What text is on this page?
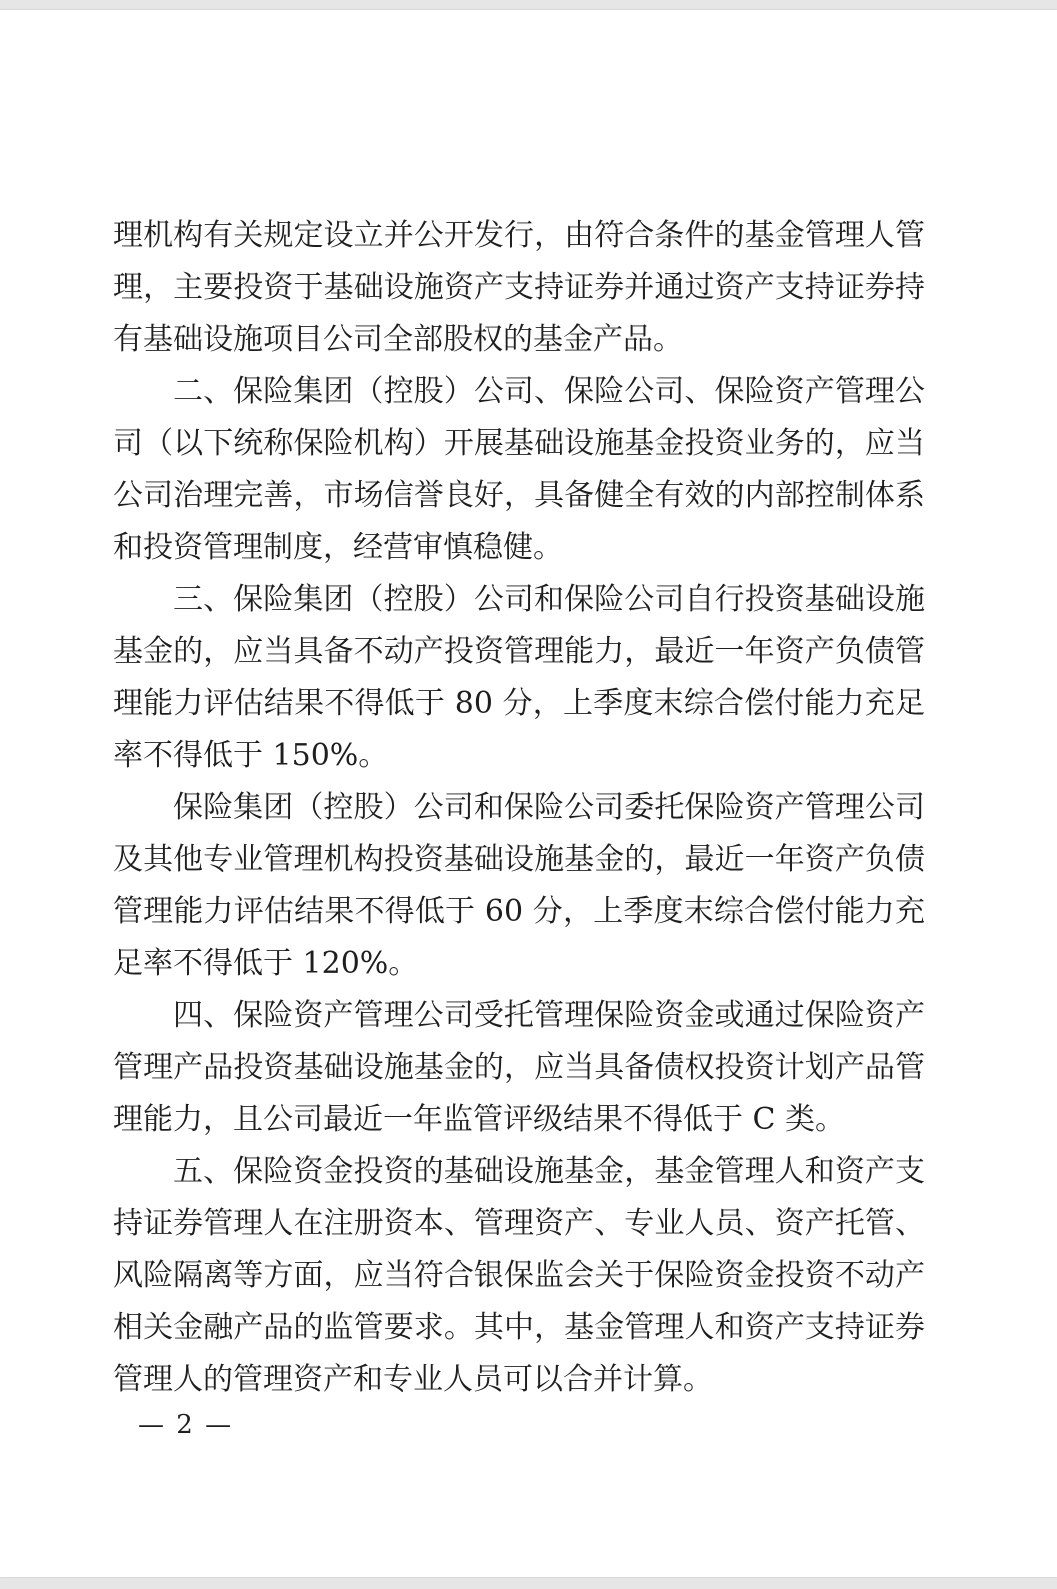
理机构有关规定设立并公开发行，由符合条件的基金管理人管理，主要投资于基础设施资产支持证券并通过资产支持证券持有基础设施项目公司全部股权的基金产品。

二、保险集团（控股）公司、保险公司、保险资产管理公司（以下统称保险机构）开展基础设施基金投资业务的，应当公司治理完善，市场信誉良好，具备健全有效的内部控制体系和投资管理制度，经营审慎稳健。

三、保险集团（控股）公司和保险公司自行投资基础设施基金的，应当具备不动产投资管理能力，最近一年资产负债管理能力评估结果不得低于 80 分，上季度末综合偿付能力充足率不得低于 150%。

保险集团（控股）公司和保险公司委托保险资产管理公司及其他专业管理机构投资基础设施基金的，最近一年资产负债管理能力评估结果不得低于 60 分，上季度末综合偿付能力充足率不得低于 120%。

四、保险资产管理公司受托管理保险资金或通过保险资产管理产品投资基础设施基金的，应当具备债权投资计划产品管理能力，且公司最近一年监管评级结果不得低于 C 类。

五、保险资金投资的基础设施基金，基金管理人和资产支持证券管理人在注册资本、管理资产、专业人员、资产托管、风险隔离等方面，应当符合银保监会关于保险资金投资不动产相关金融产品的监管要求。其中，基金管理人和资产支持证券管理人的管理资产和专业人员可以合并计算。

— 2 —
